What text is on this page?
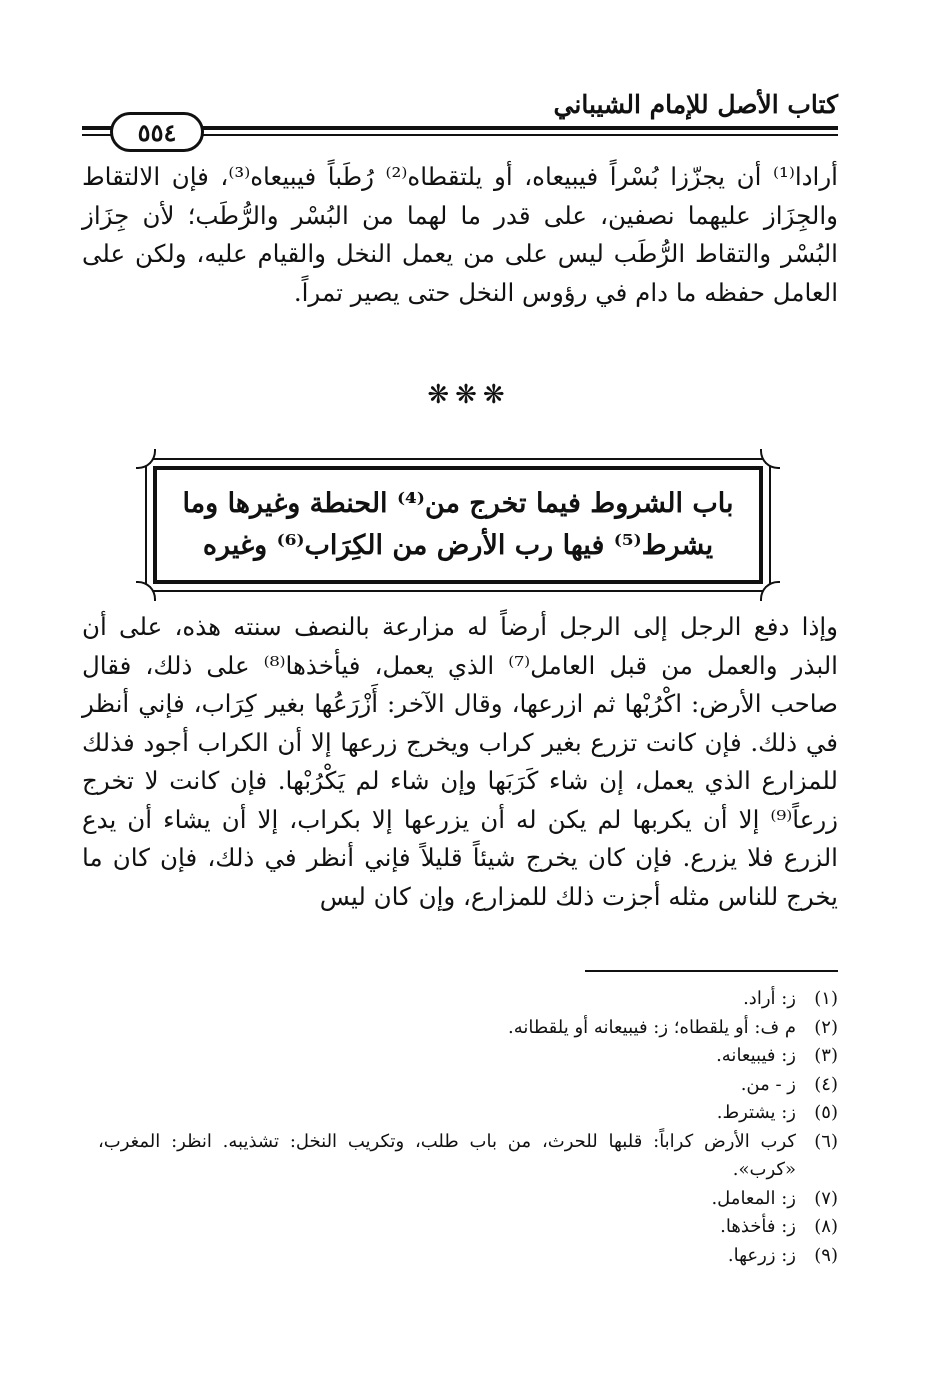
كتاب الأصل للإمام الشيباني
٥٥٤

أرادا⁽¹⁾ أن يجزّزا بُسْراً فيبيعاه، أو يلتقطاه⁽²⁾ رُطَباً فيبيعاه⁽³⁾، فإن الالتقاط والجِزَاز عليهما نصفين، على قدر ما لهما من البُسْر والرُّطَب؛ لأن جِزَاز البُسْر والتقاط الرُّطَب ليس على من يعمل النخل والقيام عليه، ولكن على العامل حفظه ما دام في رؤوس النخل حتى يصير تمراً.

❋❋❋
باب الشروط فيما تخرج من⁽⁴⁾ الحنطة وغيرها وما يشرط⁽⁵⁾ فيها رب الأرض من الكِرَاب⁽⁶⁾ وغيره

وإذا دفع الرجل إلى الرجل أرضاً له مزارعة بالنصف سنته هذه، على أن البذر والعمل من قبل العامل⁽⁷⁾ الذي يعمل، فيأخذها⁽⁸⁾ على ذلك، فقال صاحب الأرض: اكْرُبْها ثم ازرعها، وقال الآخر: أَزْرَعُها بغير كِرَاب، فإني أنظر في ذلك. فإن كانت تزرع بغير كراب ويخرج زرعها إلا أن الكراب أجود فذلك للمزارع الذي يعمل، إن شاء كَرَبَها وإن شاء لم يَكْرُبْها. فإن كانت لا تخرج زرعاً⁽⁹⁾ إلا أن يكربها لم يكن له أن يزرعها إلا بكراب، إلا أن يشاء أن يدع الزرع فلا يزرع. فإن كان يخرج شيئاً قليلاً فإني أنظر في ذلك، فإن كان ما يخرج للناس مثله أجزت ذلك للمزارع، وإن كان ليس

(١)
ز: أراد.
(٢)
م ف: أو يلقطاه؛ ز: فيبيعانه أو يلقطانه.
(٣)
ز: فيبيعانه.
(٤)
ز - من.
(٥)
ز: يشترط.
(٦)
كرب الأرض كراباً: قلبها للحرث، من باب طلب، وتكريب النخل: تشذيبه. انظر: المغرب، «كرب».
(٧)
ز: المعامل.
(٨)
ز: فأخذها.
(٩)
ز: زرعها.
